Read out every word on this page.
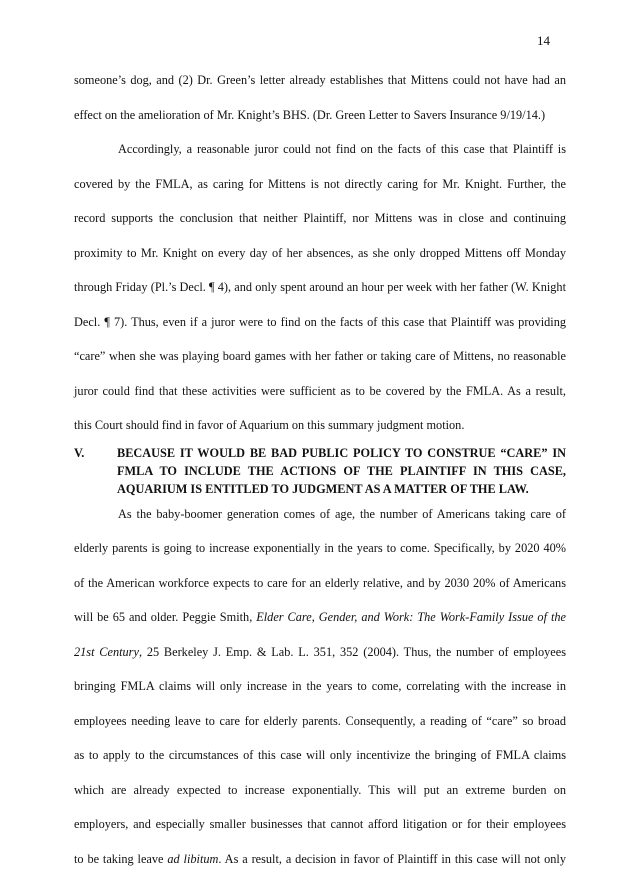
14
someone’s dog, and (2) Dr. Green’s letter already establishes that Mittens could not have had an
effect on the amelioration of Mr. Knight’s BHS. (Dr. Green Letter to Savers Insurance 9/19/14.)
Accordingly, a reasonable juror could not find on the facts of this case that Plaintiff is
covered by the FMLA, as caring for Mittens is not directly caring for Mr. Knight. Further, the
record supports the conclusion that neither Plaintiff, nor Mittens was in close and continuing
proximity to Mr. Knight on every day of her absences, as she only dropped Mittens off Monday
through Friday (Pl.’s Decl. ¶ 4), and only spent around an hour per week with her father (W. Knight
Decl. ¶ 7). Thus, even if a juror were to find on the facts of this case that Plaintiff was providing
“care” when she was playing board games with her father or taking care of Mittens, no reasonable
juror could find that these activities were sufficient as to be covered by the FMLA. As a result,
this Court should find in favor of Aquarium on this summary judgment motion.
V.	BECAUSE IT WOULD BE BAD PUBLIC POLICY TO CONSTRUE “CARE” IN
FMLA TO INCLUDE THE ACTIONS OF THE PLAINTIFF IN THIS CASE,
AQUARIUM IS ENTITLED TO JUDGMENT AS A MATTER OF THE LAW.
As the baby-boomer generation comes of age, the number of Americans taking care of
elderly parents is going to increase exponentially in the years to come. Specifically, by 2020 40%
of the American workforce expects to care for an elderly relative, and by 2030 20% of Americans
will be 65 and older. Peggie Smith, Elder Care, Gender, and Work: The Work-Family Issue of the
21st Century, 25 Berkeley J. Emp. & Lab. L. 351, 352 (2004). Thus, the number of employees
bringing FMLA claims will only increase in the years to come, correlating with the increase in
employees needing leave to care for elderly parents. Consequently, a reading of “care” so broad
as to apply to the circumstances of this case will only incentivize the bringing of FMLA claims
which are already expected to increase exponentially. This will put an extreme burden on
employers, and especially smaller businesses that cannot afford litigation or for their employees
to be taking leave ad libitum. As a result, a decision in favor of Plaintiff in this case will not only
